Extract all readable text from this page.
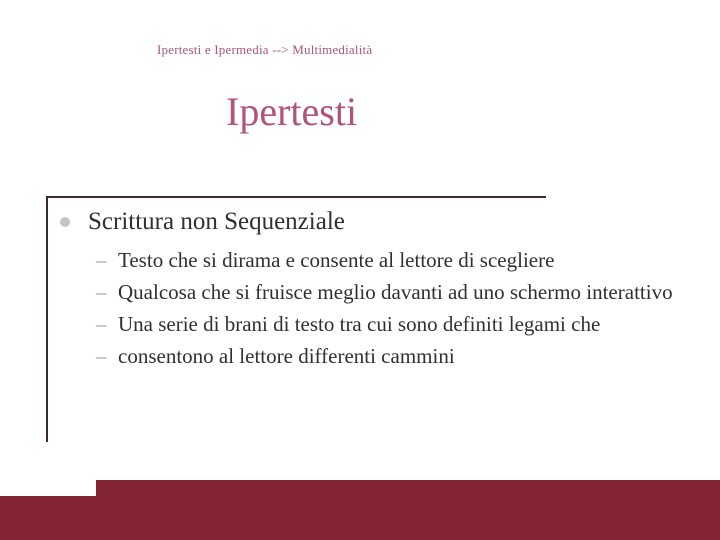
Ipertesti e Ipermedia --> Multimedialità
Ipertesti
Scrittura non Sequenziale
– Testo che si dirama e consente al lettore di scegliere
– Qualcosa che si fruisce meglio davanti ad uno schermo interattivo
– Una serie di brani di testo tra cui sono definiti legami che
– consentono al lettore differenti cammini
